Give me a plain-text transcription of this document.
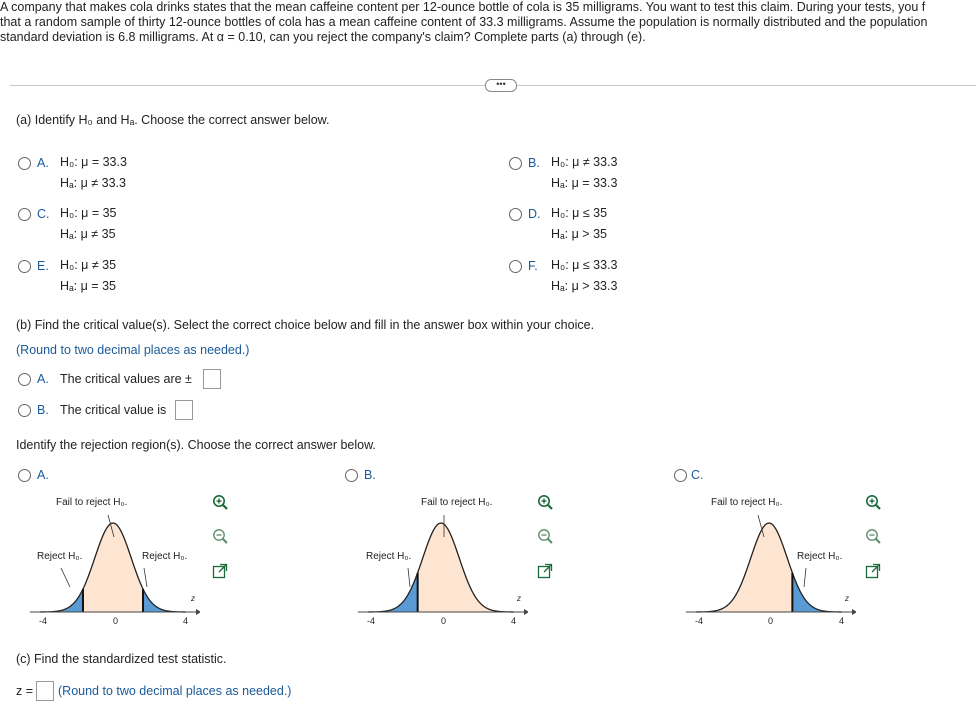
A company that makes cola drinks states that the mean caffeine content per 12-ounce bottle of cola is 35 milligrams. You want to test this claim. During your tests, you f
that a random sample of thirty 12-ounce bottles of cola has a mean caffeine content of 33.3 milligrams. Assume the population is normally distributed and the population
standard deviation is 6.8 milligrams. At α = 0.10, can you reject the company's claim? Complete parts (a) through (e).
•••
(a) Identify H₀ and Hₐ. Choose the correct answer below.
A. H₀: μ = 33.3
Hₐ: μ ≠ 33.3
B. H₀: μ ≠ 33.3
Hₐ: μ = 33.3
C. H₀: μ = 35
Hₐ: μ ≠ 35
D. H₀: μ ≤ 35
Hₐ: μ > 35
E. H₀: μ ≠ 35
Hₐ: μ = 35
F. H₀: μ ≤ 33.3
Hₐ: μ > 33.3
(b) Find the critical value(s). Select the correct choice below and fill in the answer box within your choice.
(Round to two decimal places as needed.)
A. The critical values are ±
B. The critical value is
Identify the rejection region(s). Choose the correct answer below.
A.
Fail to reject H₀.
Reject H₀.	Reject H₀.
z
-4	0	4
B.
Fail to reject H₀.
Reject H₀.
z
-4	0	4
C.
Fail to reject H₀.
Reject H₀.
z
-4	0	4
(c) Find the standardized test statistic.
z = (Round to two decimal places as needed.)
